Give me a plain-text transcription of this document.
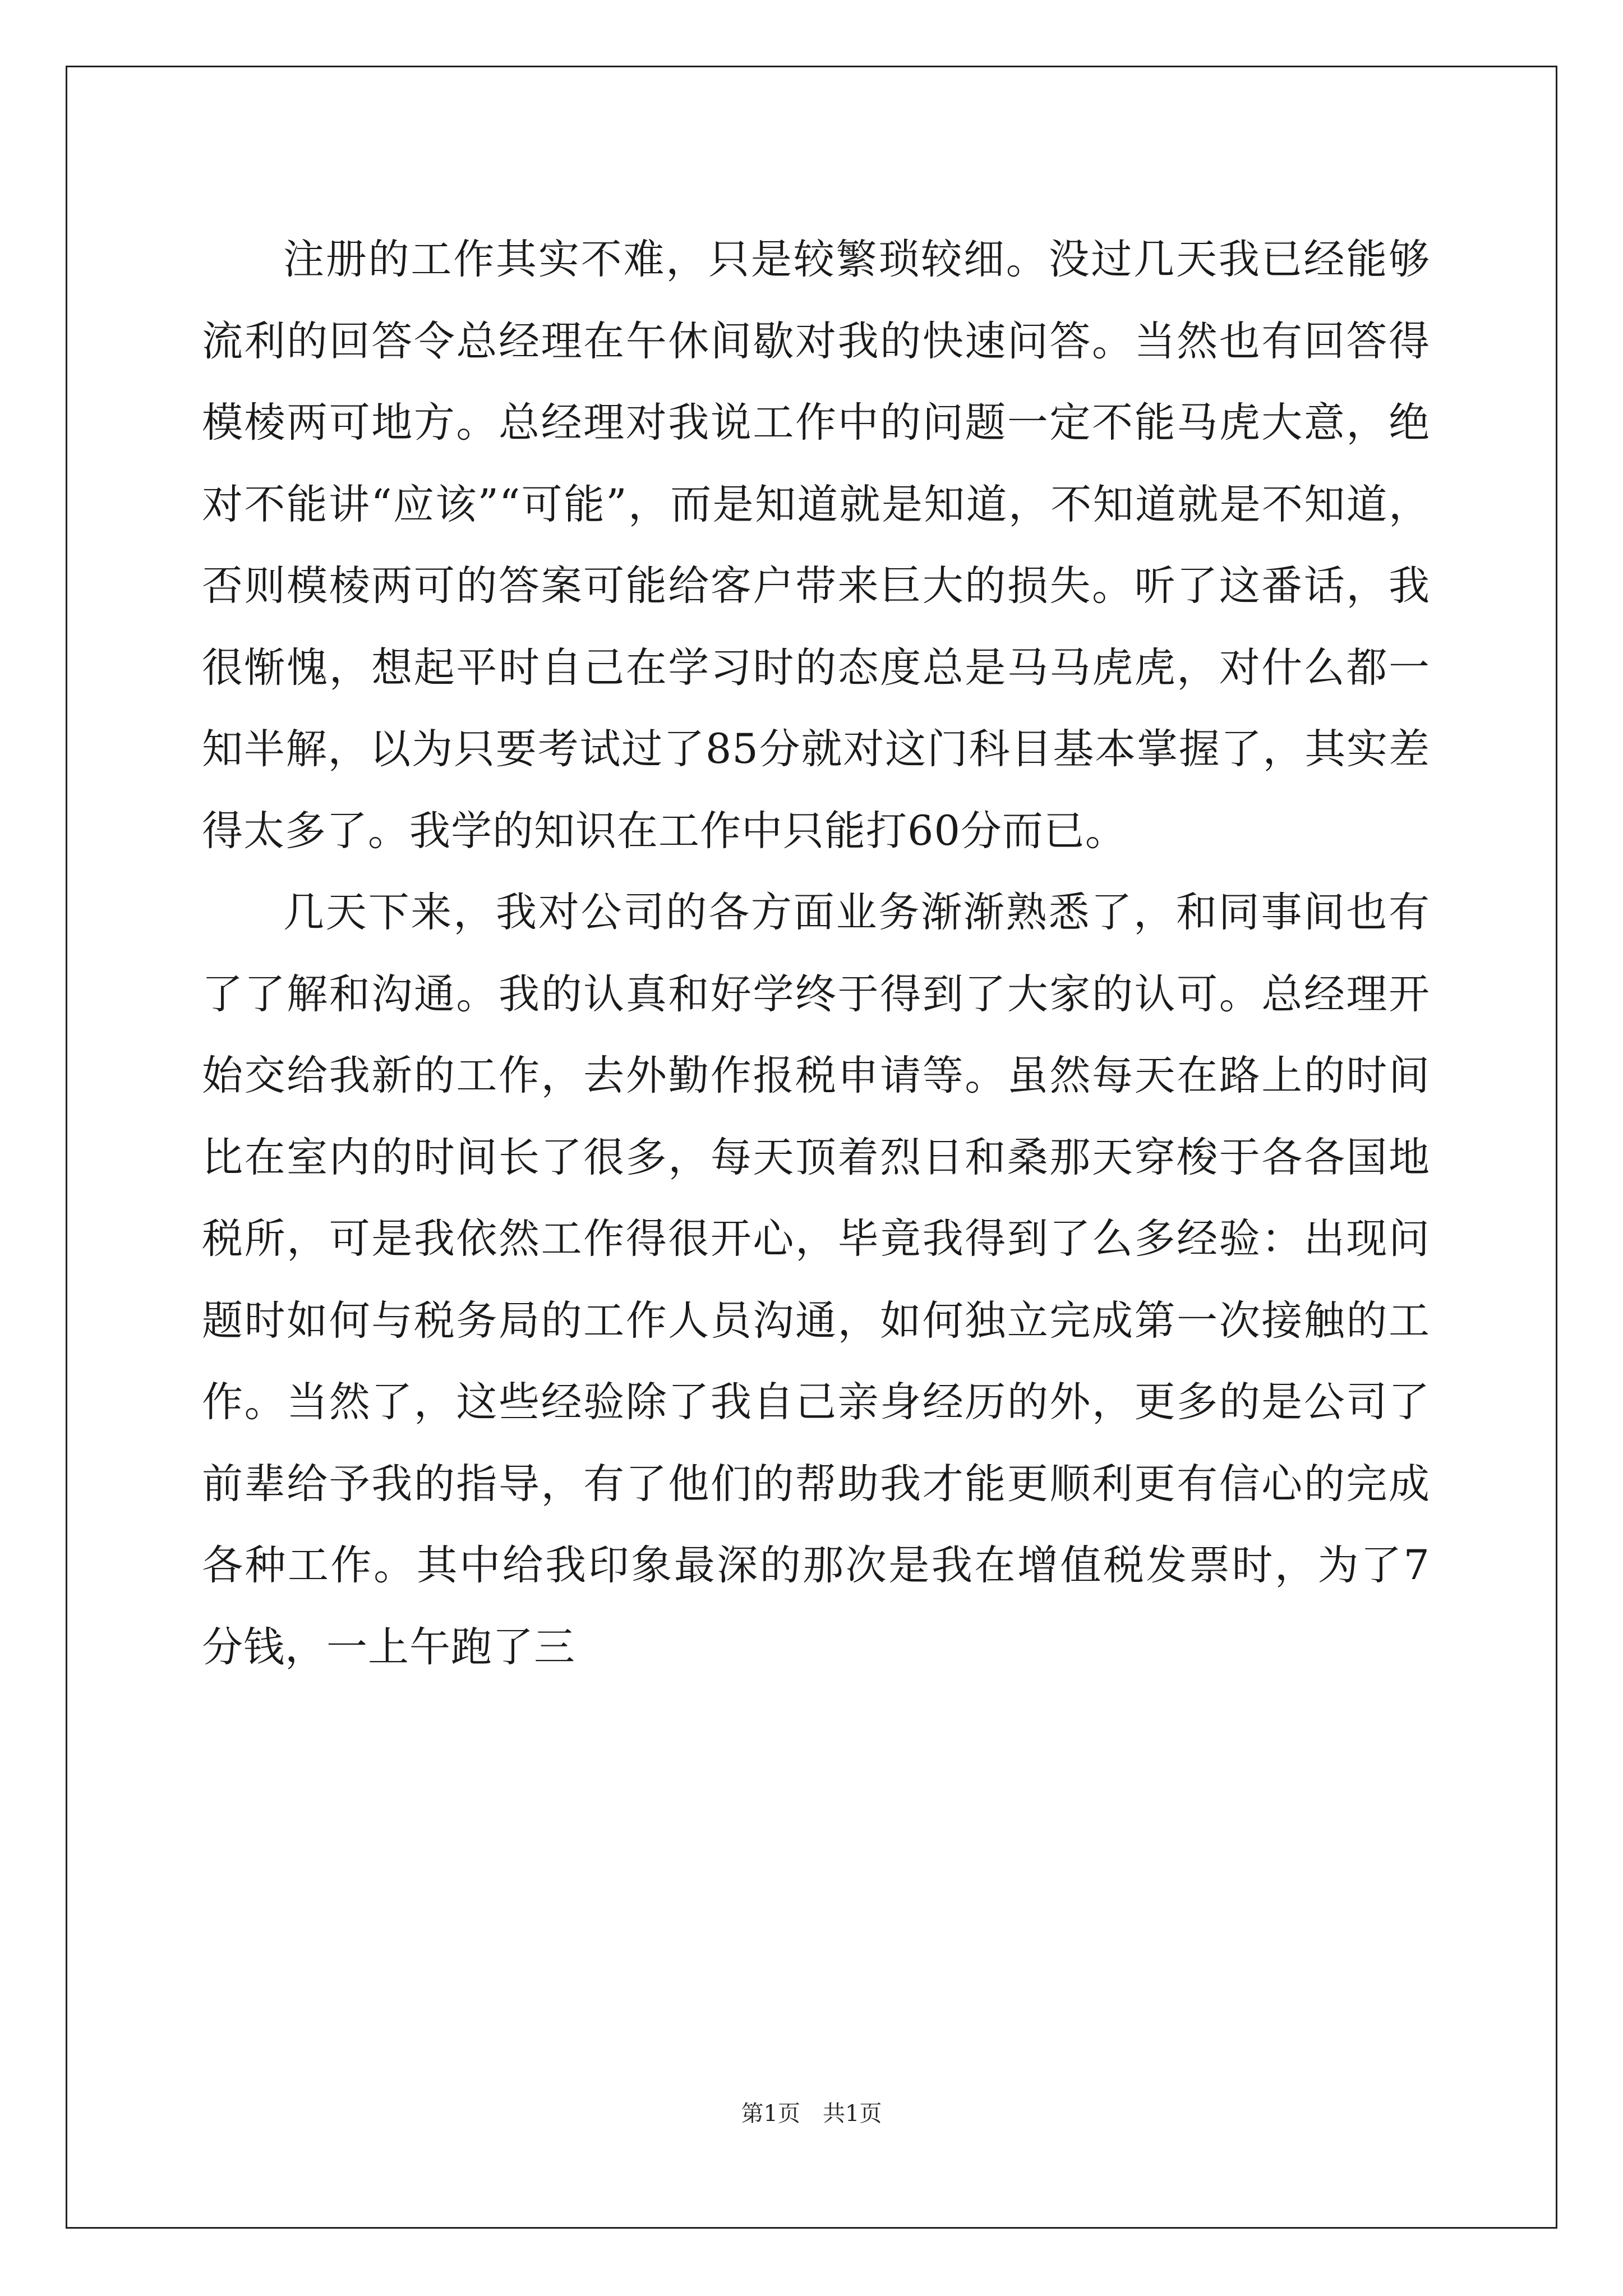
注册的工作其实不难，只是较繁琐较细。没过几天我已经能够流利的回答令总经理在午休间歇对我的快速问答。当然也有回答得模棱两可地方。总经理对我说工作中的问题一定不能马虎大意，绝对不能讲“应该”“可能”，而是知道就是知道，不知道就是不知道，否则模棱两可的答案可能给客户带来巨大的损失。听了这番话，我很惭愧，想起平时自己在学习时的态度总是马马虎虎，对什么都一知半解，以为只要考试过了85分就对这门科目基本掌握了，其实差得太多了。我学的知识在工作中只能打60分而已。

几天下来，我对公司的各方面业务渐渐熟悉了，和同事间也有了了解和沟通。我的认真和好学终于得到了大家的认可。总经理开始交给我新的工作，去外勤作报税申请等。虽然每天在路上的时间比在室内的时间长了很多，每天顶着烈日和桑那天穿梭于各各国地税所，可是我依然工作得很开心，毕竟我得到了么多经验：出现问题时如何与税务局的工作人员沟通，如何独立完成第一次接触的工作。当然了，这些经验除了我自己亲身经历的外，更多的是公司了前辈给予我的指导，有了他们的帮助我才能更顺利更有信心的完成各种工作。其中给我印象最深的那次是我在增值税发票时，为了7分钱，一上午跑了三

第1页　共1页
